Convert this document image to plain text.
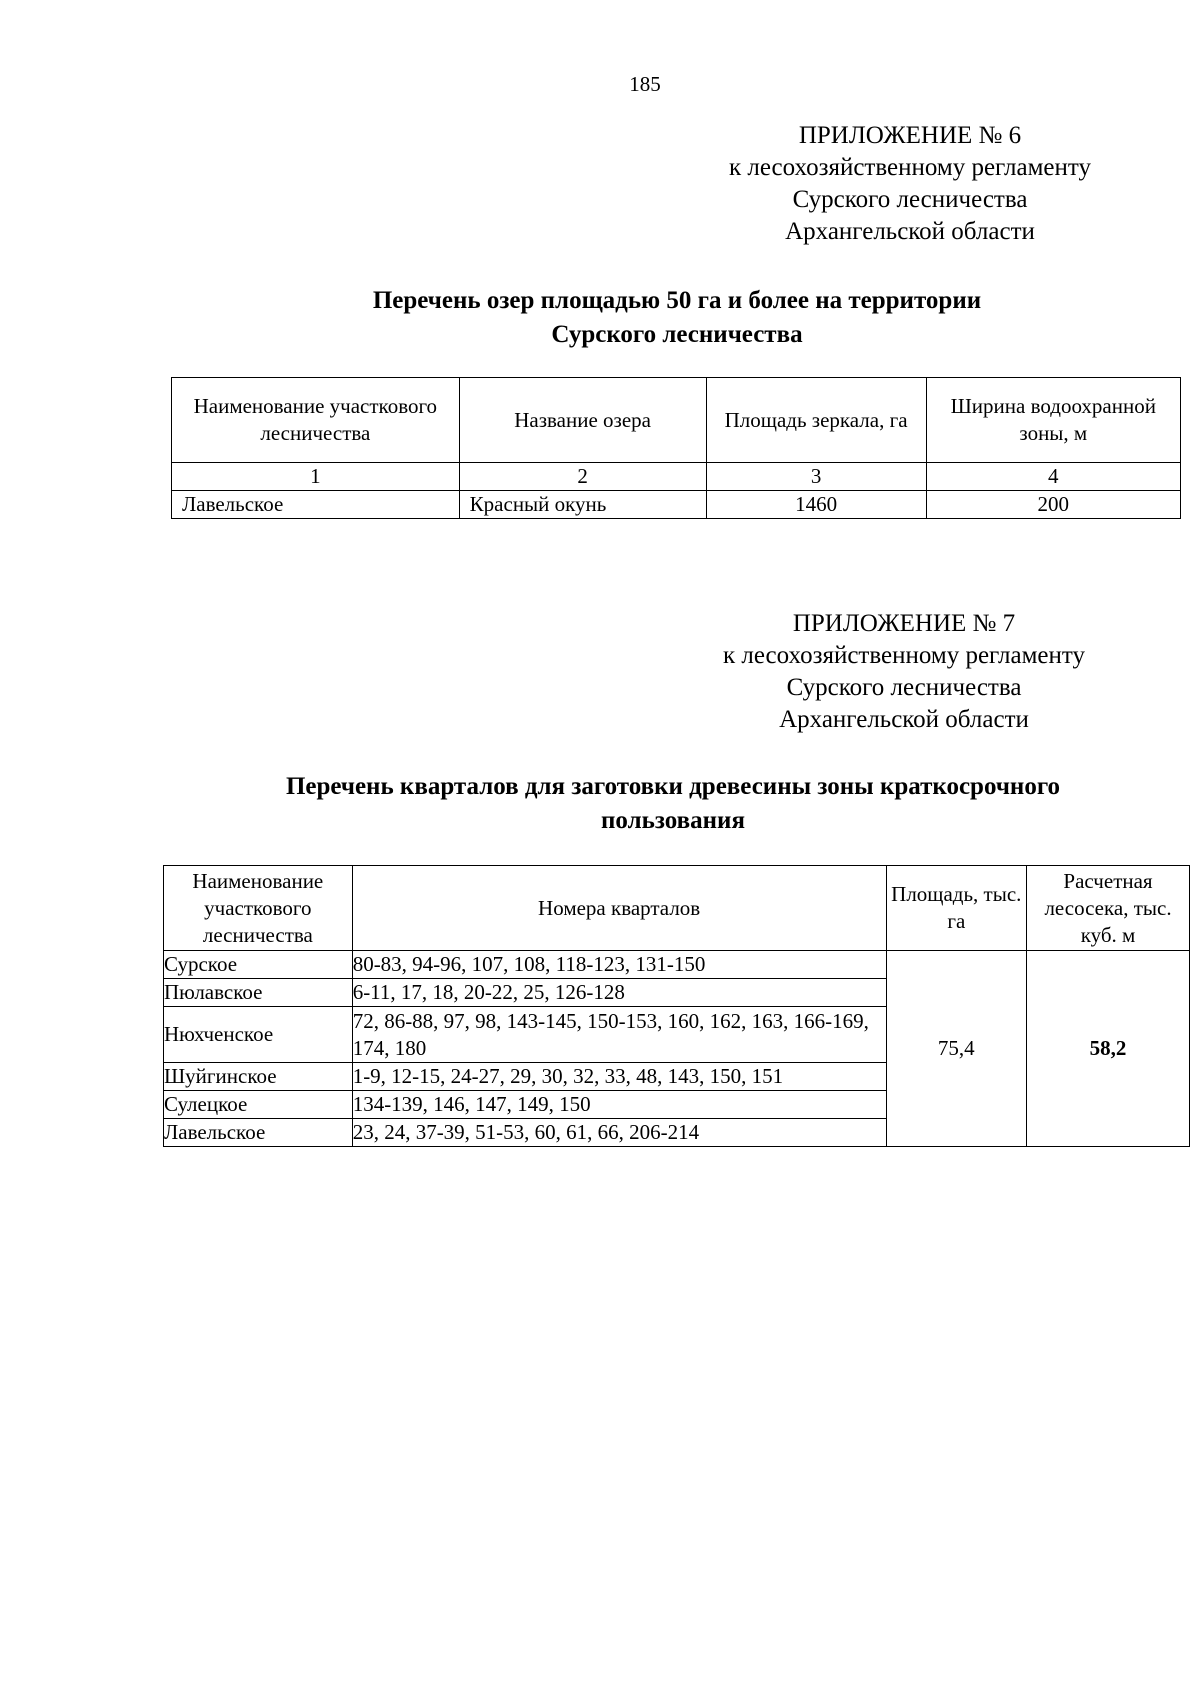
185
ПРИЛОЖЕНИЕ № 6
к лесохозяйственному регламенту
Сурского лесничества
Архангельской области
Перечень озер площадью 50 га и более на территории
Сурского лесничества
Наименование участкового лесничества	Название озера	Площадь зеркала, га	Ширина водоохранной зоны, м
1	2	3	4
Лавельское	Красный окунь	1460	200
ПРИЛОЖЕНИЕ № 7
к лесохозяйственному регламенту
Сурского лесничества
Архангельской области
Перечень кварталов для заготовки древесины зоны краткосрочного
пользования
Наименование участкового лесничества	Номера кварталов	Площадь, тыс. га	Расчетная лесосека, тыс. куб. м
Сурское	80-83, 94-96, 107, 108, 118-123, 131-150	75,4	58,2
Пюлавское	6-11, 17, 18, 20-22, 25, 126-128		
Нюхченское	72, 86-88, 97, 98, 143-145, 150-153, 160, 162, 163, 166-169, 174, 180		
Шуйгинское	1-9, 12-15, 24-27, 29, 30, 32, 33, 48, 143, 150, 151		
Сулецкое	134-139, 146, 147, 149, 150		
Лавельское	23, 24, 37-39, 51-53, 60, 61, 66, 206-214		
